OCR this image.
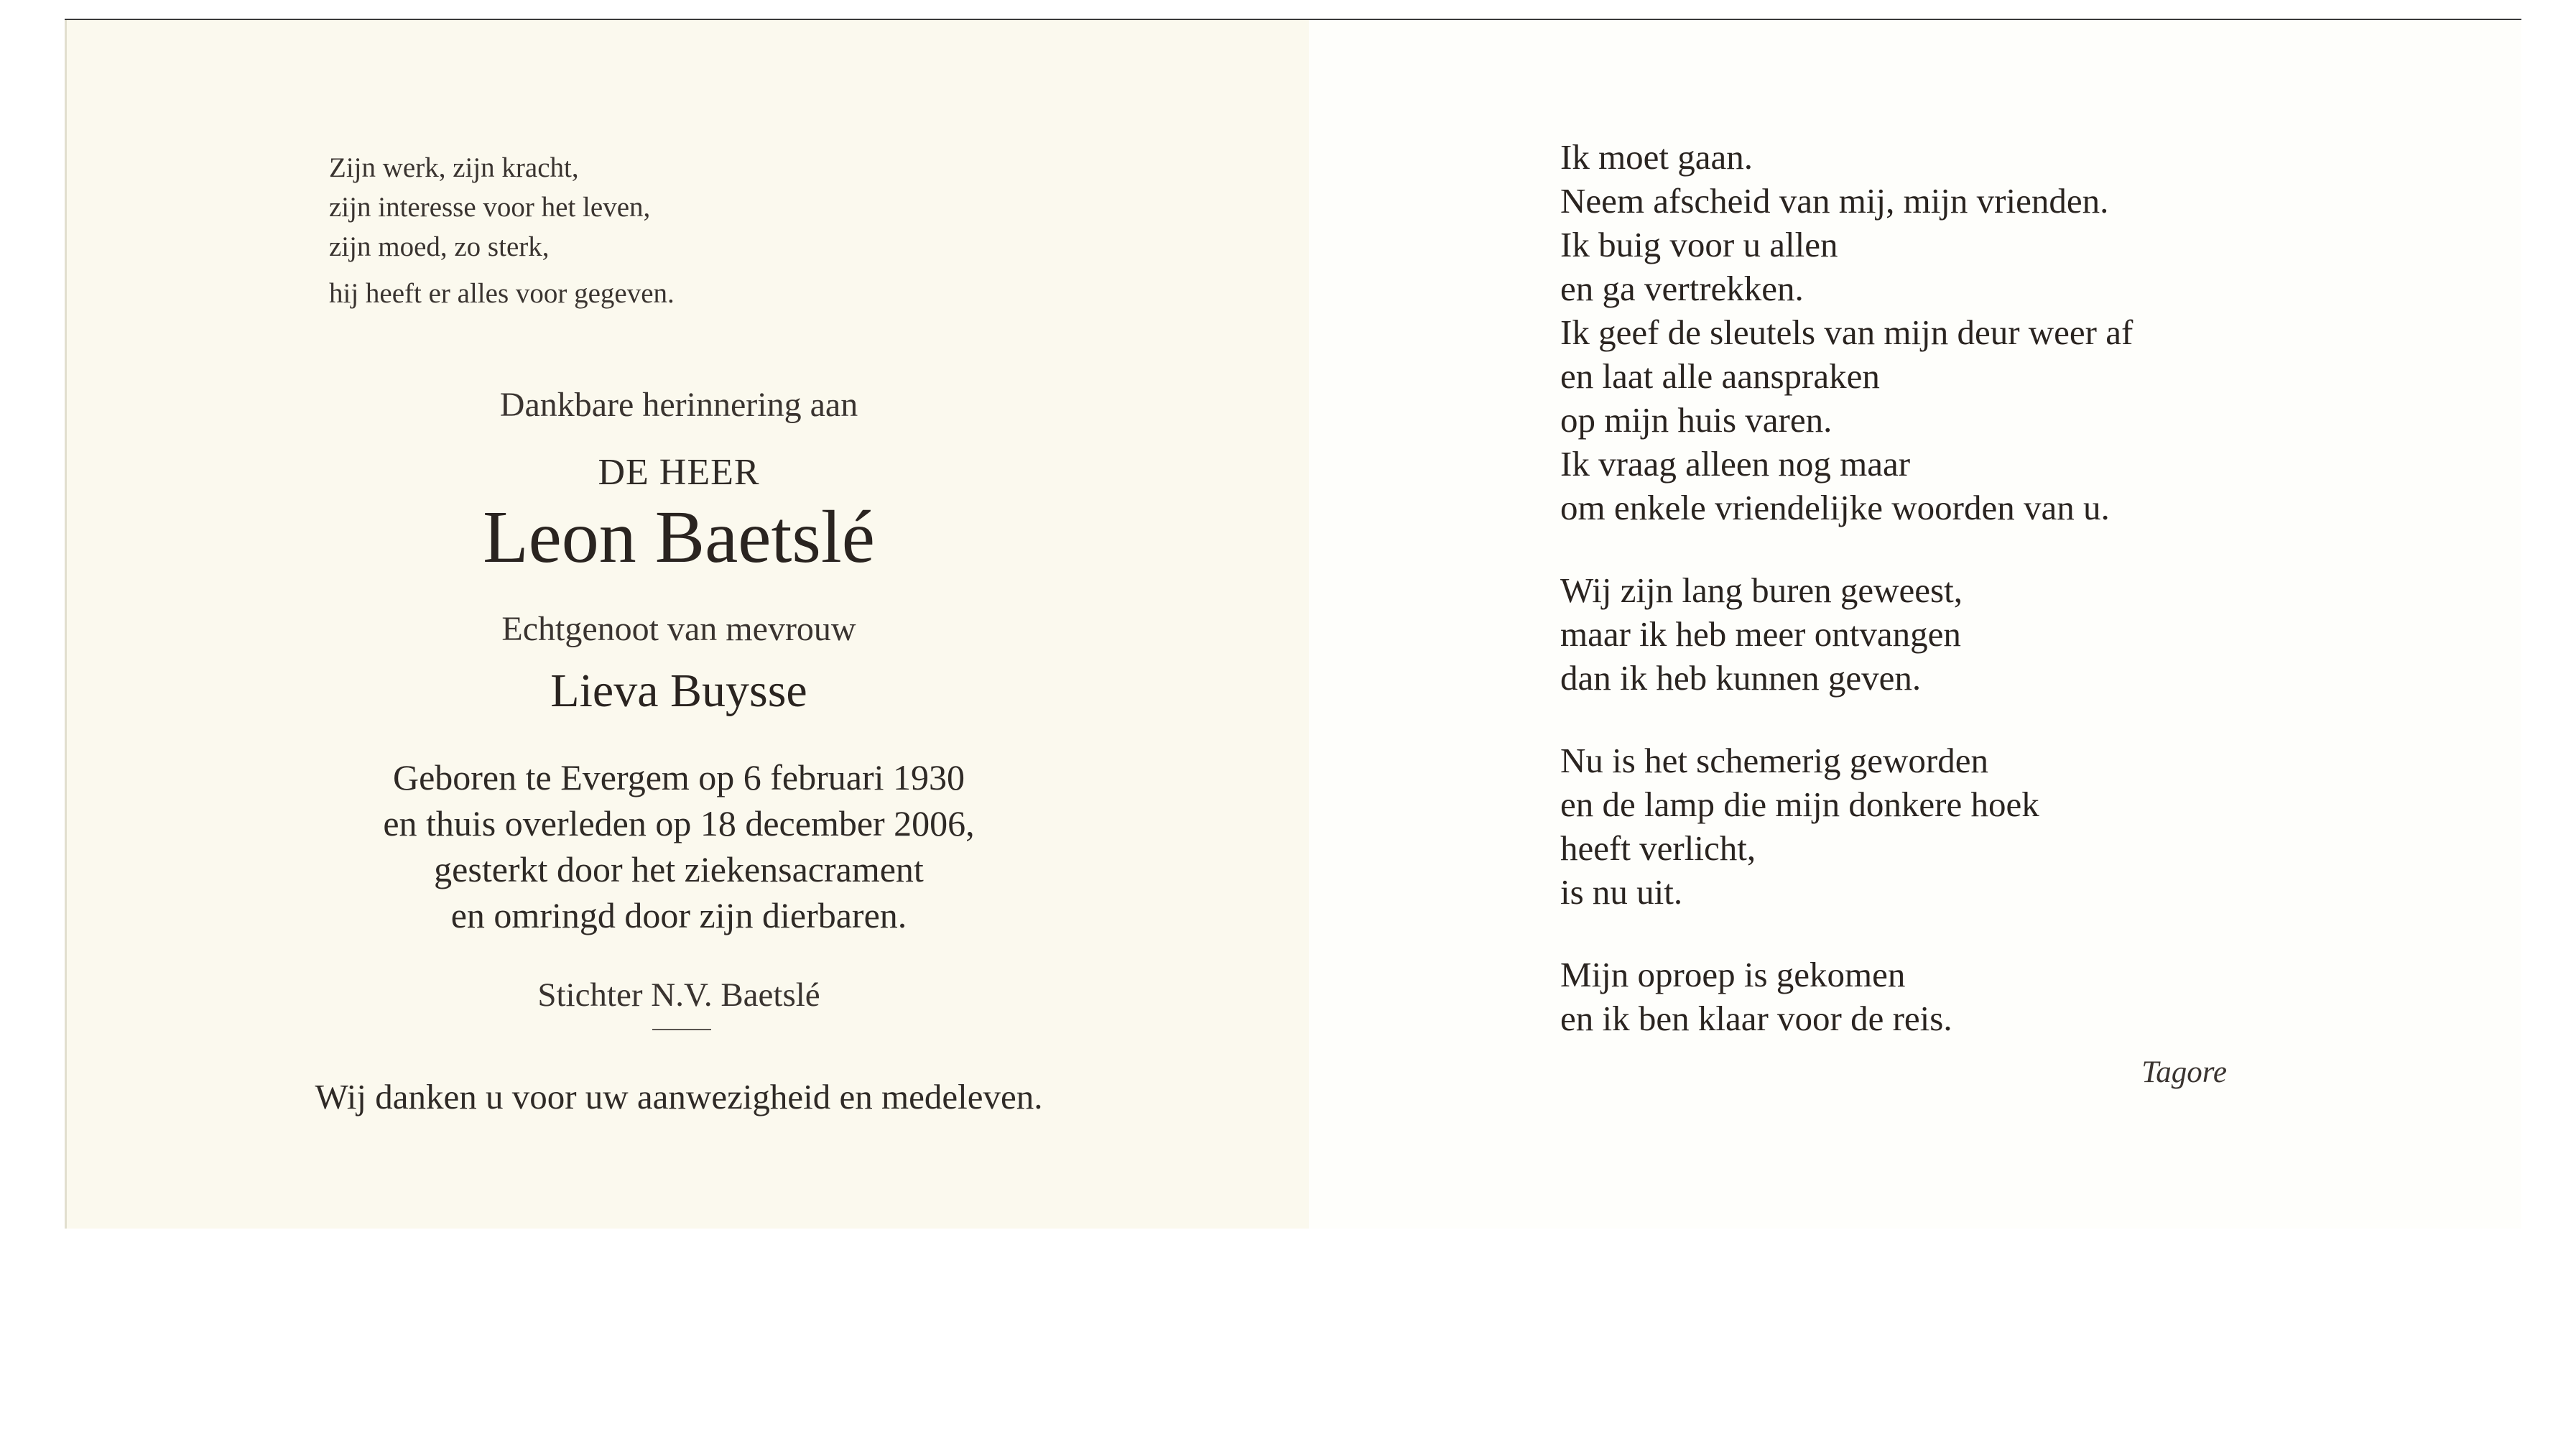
Zijn werk, zijn kracht,
zijn interesse voor het leven,
zijn moed, zo sterk,
hij heeft er alles voor gegeven.
Dankbare herinnering aan
DE HEER
Leon Baetslé
Echtgenoot van mevrouw
Lieva Buysse
Geboren te Evergem op 6 februari 1930
en thuis overleden op 18 december 2006,
gesterkt door het ziekensacrament
en omringd door zijn dierbaren.
Stichter N.V. Baetslé
Wij danken u voor uw aanwezigheid en medeleven.
Ik moet gaan.
Neem afscheid van mij, mijn vrienden.
Ik buig voor u allen
en ga vertrekken.
Ik geef de sleutels van mijn deur weer af
en laat alle aanspraken
op mijn huis varen.
Ik vraag alleen nog maar
om enkele vriendelijke woorden van u.
Wij zijn lang buren geweest,
maar ik heb meer ontvangen
dan ik heb kunnen geven.
Nu is het schemerig geworden
en de lamp die mijn donkere hoek
heeft verlicht,
is nu uit.
Mijn oproep is gekomen
en ik ben klaar voor de reis.
Tagore
